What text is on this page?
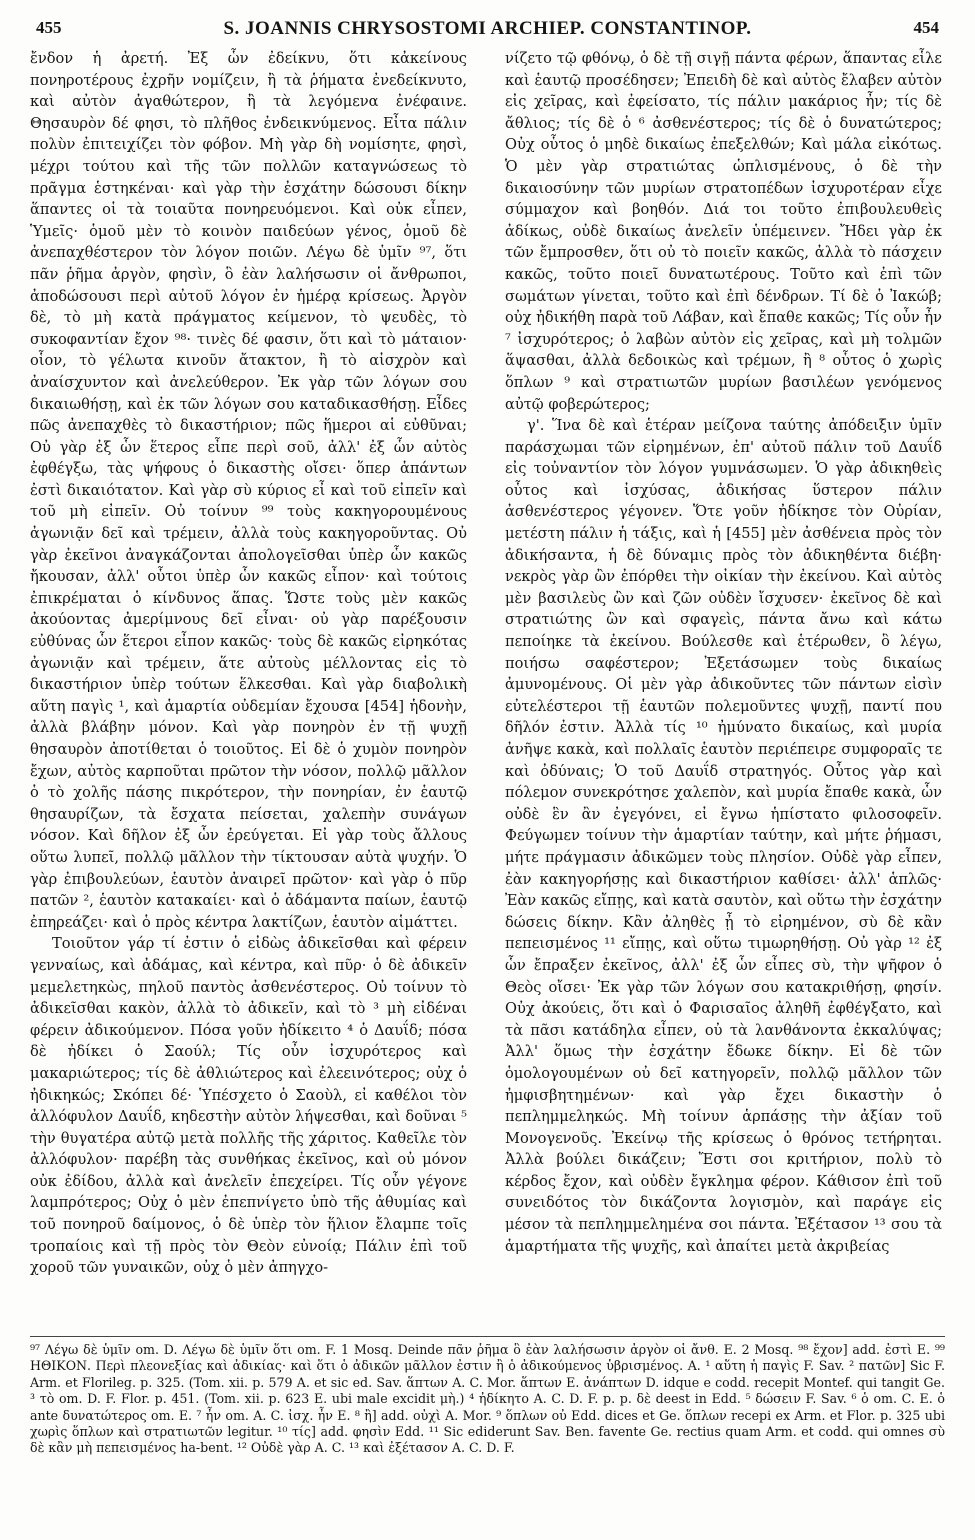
455	S. JOANNIS CHRYSOSTOMI ARCHIEP. CONSTANTINOP.	454

ἔνδον ἡ ἀρετή. Ἐξ ὧν ἐδείκνυ, ὅτι κἀκείνους πονηροτέρους ἐχρῆν νομίζειν, ἢ τὰ ῥήματα ἐνεδείκνυτο, καὶ αὐτὸν ἀγαθώτερον, ἢ τὰ λεγόμενα ἐνέφαινε. Θησαυρὸν δέ φησι, τὸ πλῆθος ἐνδεικνύμενος. Εἶτα πάλιν πολὺν ἐπιτειχίζει τὸν φόβον. Μὴ γὰρ δὴ νομίσητε, φησὶ, μέχρι τούτου καὶ τῆς τῶν πολλῶν καταγνώσεως τὸ πρᾶγμα ἑστηκέναι· καὶ γὰρ τὴν ἐσχάτην δώσουσι δίκην ἅπαντες οἱ τὰ τοιαῦτα πονηρευόμενοι. Καὶ οὐκ εἶπεν, Ὑμεῖς· ὁμοῦ μὲν τὸ κοινὸν παιδεύων γένος, ὁμοῦ δὲ ἀνεπαχθέστερον τὸν λόγον ποιῶν. Λέγω δὲ ὑμῖν ⁹⁷, ὅτι πᾶν ῥῆμα ἀργὸν, φησὶν, ὃ ἐὰν λαλήσωσιν οἱ ἄνθρωποι, ἀποδώσουσι περὶ αὐτοῦ λόγον ἐν ἡμέρᾳ κρίσεως. Ἀργὸν δὲ, τὸ μὴ κατὰ πράγματος κείμενον, τὸ ψευδὲς, τὸ συκοφαντίαν ἔχον ⁹⁸· τινὲς δέ φασιν, ὅτι καὶ τὸ μάταιον· οἷον, τὸ γέλωτα κινοῦν ἄτακτον, ἢ τὸ αἰσχρὸν καὶ ἀναίσχυντον καὶ ἀνελεύθερον. Ἐκ γὰρ τῶν λόγων σου δικαιωθήσῃ, καὶ ἐκ τῶν λόγων σου καταδικασθήσῃ. Εἶδες πῶς ἀνεπαχθὲς τὸ δικαστήριον; πῶς ἥμεροι αἱ εὐθῦναι; Οὐ γὰρ ἐξ ὧν ἕτερος εἶπε περὶ σοῦ, ἀλλ' ἐξ ὧν αὐτὸς ἐφθέγξω, τὰς ψήφους ὁ δικαστὴς οἴσει· ὅπερ ἁπάντων ἐστὶ δικαιότατον. Καὶ γὰρ σὺ κύριος εἶ καὶ τοῦ εἰπεῖν καὶ τοῦ μὴ εἰπεῖν. Οὐ τοίνυν ⁹⁹ τοὺς κακηγορουμένους ἀγωνιᾷν δεῖ καὶ τρέμειν, ἀλλὰ τοὺς κακηγοροῦντας. Οὐ γὰρ ἐκεῖνοι ἀναγκάζονται ἀπολογεῖσθαι ὑπὲρ ὧν κακῶς ἤκουσαν, ἀλλ' οὗτοι ὑπὲρ ὧν κακῶς εἶπον· καὶ τούτοις ἐπικρέμαται ὁ κίνδυνος ἅπας. Ὥστε τοὺς μὲν κακῶς ἀκούοντας ἀμερίμνους δεῖ εἶναι· οὐ γὰρ παρέξουσιν εὐθύνας ὧν ἕτεροι εἶπον κακῶς· τοὺς δὲ κακῶς εἰρηκότας ἀγωνιᾷν καὶ τρέμειν, ἅτε αὐτοὺς μέλλοντας εἰς τὸ δικαστήριον ὑπὲρ τούτων ἕλκεσθαι. Καὶ γὰρ διαβολικὴ αὕτη παγὶς ¹, καὶ ἁμαρτία οὐδεμίαν ἔχουσα [454] ἡδονὴν, ἀλλὰ βλάβην μόνον. Καὶ γὰρ πονηρὸν ἐν τῇ ψυχῇ θησαυρὸν ἀποτίθεται ὁ τοιοῦτος. Εἰ δὲ ὁ χυμὸν πονηρὸν ἔχων, αὐτὸς καρποῦται πρῶτον τὴν νόσον, πολλῷ μᾶλλον ὁ τὸ χολῆς πάσης πικρότερον, τὴν πονηρίαν, ἐν ἑαυτῷ θησαυρίζων, τὰ ἔσχατα πείσεται, χαλεπὴν συνάγων νόσον. Καὶ δῆλον ἐξ ὧν ἐρεύγεται. Εἰ γὰρ τοὺς ἄλλους οὕτω λυπεῖ, πολλῷ μᾶλλον τὴν τίκτουσαν αὐτὰ ψυχήν. Ὁ γὰρ ἐπιβουλεύων, ἑαυτὸν ἀναιρεῖ πρῶτον· καὶ γὰρ ὁ πῦρ πατῶν ², ἑαυτὸν κατακαίει· καὶ ὁ ἀδάμαντα παίων, ἑαυτῷ ἐπηρεάζει· καὶ ὁ πρὸς κέντρα λακτίζων, ἑαυτὸν αἱμάττει.

Τοιοῦτον γάρ τί ἐστιν ὁ εἰδὼς ἀδικεῖσθαι καὶ φέρειν γενναίως, καὶ ἀδάμας, καὶ κέντρα, καὶ πῦρ· ὁ δὲ ἀδικεῖν μεμελετηκὼς, πηλοῦ παντὸς ἀσθενέστερος. Οὐ τοίνυν τὸ ἀδικεῖσθαι κακὸν, ἀλλὰ τὸ ἀδικεῖν, καὶ τὸ ³ μὴ εἰδέναι φέρειν ἀδικούμενον. Πόσα γοῦν ἠδίκειτο ⁴ ὁ Δαυΐδ; πόσα δὲ ἠδίκει ὁ Σαούλ; Τίς οὖν ἰσχυρότερος καὶ μακαριώτερος; τίς δὲ ἀθλιώτερος καὶ ἐλεεινότερος; οὐχ ὁ ἠδικηκώς; Σκόπει δέ· Ὑπέσχετο ὁ Σαοὺλ, εἰ καθέλοι τὸν ἀλλόφυλον Δαυΐδ, κηδεστὴν αὐτὸν λήψεσθαι, καὶ δοῦναι ⁵ τὴν θυγατέρα αὐτῷ μετὰ πολλῆς τῆς χάριτος. Καθεῖλε τὸν ἀλλόφυλον· παρέβη τὰς συνθήκας ἐκεῖνος, καὶ οὐ μόνον οὐκ ἐδίδου, ἀλλὰ καὶ ἀνελεῖν ἐπεχείρει. Τίς οὖν γέγονε λαμπρότερος; Οὐχ ὁ μὲν ἐπεπνίγετο ὑπὸ τῆς ἀθυμίας καὶ τοῦ πονηροῦ δαίμονος, ὁ δὲ ὑπὲρ τὸν ἥλιον ἔλαμπε τοῖς τροπαίοις καὶ τῇ πρὸς τὸν Θεὸν εὐνοίᾳ; Πάλιν ἐπὶ τοῦ χοροῦ τῶν γυναικῶν, οὐχ ὁ μὲν ἀπηγχο-

νίζετο τῷ φθόνῳ, ὁ δὲ τῇ σιγῇ πάντα φέρων, ἅπαντας εἷλε καὶ ἑαυτῷ προσέδησεν; Ἐπειδὴ δὲ καὶ αὐτὸς ἔλαβεν αὐτὸν εἰς χεῖρας, καὶ ἐφείσατο, τίς πάλιν μακάριος ἦν; τίς δὲ ἄθλιος; τίς δὲ ὁ ⁶ ἀσθενέστερος; τίς δὲ ὁ δυνατώτερος; Οὐχ οὗτος ὁ μηδὲ δικαίως ἐπεξελθών; Καὶ μάλα εἰκότως. Ὁ μὲν γὰρ στρατιώτας ὡπλισμένους, ὁ δὲ τὴν δικαιοσύνην τῶν μυρίων στρατοπέδων ἰσχυροτέραν εἶχε σύμμαχον καὶ βοηθόν. Διά τοι τοῦτο ἐπιβουλευθεὶς ἀδίκως, οὐδὲ δικαίως ἀνελεῖν ὑπέμεινεν. Ἤδει γὰρ ἐκ τῶν ἔμπροσθεν, ὅτι οὐ τὸ ποιεῖν κακῶς, ἀλλὰ τὸ πάσχειν κακῶς, τοῦτο ποιεῖ δυνατωτέρους. Τοῦτο καὶ ἐπὶ τῶν σωμάτων γίνεται, τοῦτο καὶ ἐπὶ δένδρων. Τί δὲ ὁ Ἰακώβ; οὐχ ἠδικήθη παρὰ τοῦ Λάβαν, καὶ ἔπαθε κακῶς; Τίς οὖν ἦν ⁷ ἰσχυρότερος; ὁ λαβὼν αὐτὸν εἰς χεῖρας, καὶ μὴ τολμῶν ἅψασθαι, ἀλλὰ δεδοικὼς καὶ τρέμων, ἢ ⁸ οὗτος ὁ χωρὶς ὅπλων ⁹ καὶ στρατιωτῶν μυρίων βασιλέων γενόμενος αὐτῷ φοβερώτερος;

γ'. Ἵνα δὲ καὶ ἑτέραν μείζονα ταύτης ἀπόδειξιν ὑμῖν παράσχωμαι τῶν εἰρημένων, ἐπ' αὐτοῦ πάλιν τοῦ Δαυΐδ εἰς τοὐναντίον τὸν λόγον γυμνάσωμεν. Ὁ γὰρ ἀδικηθεὶς οὗτος καὶ ἰσχύσας, ἀδικήσας ὕστερον πάλιν ἀσθενέστερος γέγονεν. Ὅτε γοῦν ἠδίκησε τὸν Οὐρίαν, μετέστη πάλιν ἡ τάξις, καὶ ἡ [455] μὲν ἀσθένεια πρὸς τὸν ἀδικήσαντα, ἡ δὲ δύναμις πρὸς τὸν ἀδικηθέντα διέβη· νεκρὸς γὰρ ὢν ἐπόρθει τὴν οἰκίαν τὴν ἐκείνου. Καὶ αὐτὸς μὲν βασιλεὺς ὢν καὶ ζῶν οὐδὲν ἴσχυσεν· ἐκεῖνος δὲ καὶ στρατιώτης ὢν καὶ σφαγεὶς, πάντα ἄνω καὶ κάτω πεποίηκε τὰ ἐκείνου. Βούλεσθε καὶ ἑτέρωθεν, ὃ λέγω, ποιήσω σαφέστερον; Ἐξετάσωμεν τοὺς δικαίως ἀμυνομένους. Οἱ μὲν γὰρ ἀδικοῦντες τῶν πάντων εἰσὶν εὐτελέστεροι τῇ ἑαυτῶν πολεμοῦντες ψυχῇ, παντί που δῆλόν ἐστιν. Ἀλλὰ τίς ¹⁰ ἠμύνατο δικαίως, καὶ μυρία ἀνῆψε κακὰ, καὶ πολλαῖς ἑαυτὸν περιέπειρε συμφοραῖς τε καὶ ὀδύναις; Ὁ τοῦ Δαυΐδ στρατηγός. Οὗτος γὰρ καὶ πόλεμον συνεκρότησε χαλεπὸν, καὶ μυρία ἔπαθε κακὰ, ὧν οὐδὲ ἓν ἂν ἐγεγόνει, εἰ ἔγνω ἡπίστατο φιλοσοφεῖν. Φεύγωμεν τοίνυν τὴν ἁμαρτίαν ταύτην, καὶ μήτε ῥήμασι, μήτε πράγμασιν ἀδικῶμεν τοὺς πλησίον. Οὐδὲ γὰρ εἶπεν, ἐὰν κακηγορήσῃς καὶ δικαστήριον καθίσει· ἀλλ' ἁπλῶς· Ἐὰν κακῶς εἴπῃς, καὶ κατὰ σαυτὸν, καὶ οὕτω τὴν ἐσχάτην δώσεις δίκην. Κἂν ἀληθὲς ᾖ τὸ εἰρημένον, σὺ δὲ κἂν πεπεισμένος ¹¹ εἴπῃς, καὶ οὕτω τιμωρηθήσῃ. Οὐ γὰρ ¹² ἐξ ὧν ἔπραξεν ἐκεῖνος, ἀλλ' ἐξ ὧν εἶπες σὺ, τὴν ψῆφον ὁ Θεὸς οἴσει· Ἐκ γὰρ τῶν λόγων σου κατακριθήσῃ, φησίν. Οὐχ ἀκούεις, ὅτι καὶ ὁ Φαρισαῖος ἀληθῆ ἐφθέγξατο, καὶ τὰ πᾶσι κατάδηλα εἶπεν, οὐ τὰ λανθάνοντα ἐκκαλύψας; Ἀλλ' ὅμως τὴν ἐσχάτην ἔδωκε δίκην. Εἰ δὲ τῶν ὁμολογουμένων οὐ δεῖ κατηγορεῖν, πολλῷ μᾶλλον τῶν ἠμφισβητημένων· καὶ γὰρ ἔχει δικαστὴν ὁ πεπλημμεληκώς. Μὴ τοίνυν ἁρπάσῃς τὴν ἀξίαν τοῦ Μονογενοῦς. Ἐκείνῳ τῆς κρίσεως ὁ θρόνος τετήρηται. Ἀλλὰ βούλει δικάζειν; Ἔστι σοι κριτήριον, πολὺ τὸ κέρδος ἔχον, καὶ οὐδὲν ἔγκλημα φέρον. Κάθισον ἐπὶ τοῦ συνειδότος τὸν δικάζοντα λογισμὸν, καὶ παράγε εἰς μέσον τὰ πεπλημμελημένα σοι πάντα. Ἐξέτασον ¹³ σου τὰ ἁμαρτήματα τῆς ψυχῆς, καὶ ἀπαίτει μετὰ ἀκριβείας

⁹⁷ Λέγω δὲ ὑμῖν om. D. Λέγω δὲ ὑμῖν ὅτι om. F. 1 Mosq. Deinde πᾶν ῥῆμα ὃ ἐὰν λαλήσωσιν ἀργὸν οἱ ἄνθ. E. 2 Mosq. ⁹⁸ ἔχον] add. ἐστὶ E. ⁹⁹ ΗΘΙΚΟΝ. Περὶ πλεονεξίας καὶ ἀδικίας· καὶ ὅτι ὁ ἀδικῶν μᾶλλον ἐστιν ἢ ὁ ἀδικούμενος ὑβρισμένος. A. ¹ αὕτη ἡ παγὶς F. Sav. ² πατῶν] Sic F. Arm. et Florileg. p. 325. (Tom. xii. p. 579 A. et sic ed. Sav. ἅπτων A. C. Mor. ἅπτων E. ἀνάπτων D. idque e codd. recepit Montef. qui tangit Ge. ³ τὸ om. D. F. Flor. p. 451. (Tom. xii. p. 623 E. ubi male excidit μὴ.) ⁴ ἠδίκητο A. C. D. F. p. p. δὲ deest in Edd. ⁵ δώσειν F. Sav. ⁶ ὁ om. C. E. ὁ ante δυνατώτερος om. E. ⁷ ἦν om. A. C. ἰσχ. ἦν E. ⁸ ἢ] add. οὐχὶ A. Mor. ⁹ ὅπλων οὐ Edd. dices et Ge. ὅπλων recepi ex Arm. et Flor. p. 325 ubi χωρὶς ὅπλων καὶ στρατιωτῶν legitur. ¹⁰ τίς] add. φησὶν Edd. ¹¹ Sic ediderunt Sav. Ben. favente Ge. rectius quam Arm. et codd. qui omnes σὺ δὲ κἂν μὴ πεπεισμένος ha-bent. ¹² Οὐδὲ γὰρ A. C. ¹³ καὶ ἐξέτασον A. C. D. F.
